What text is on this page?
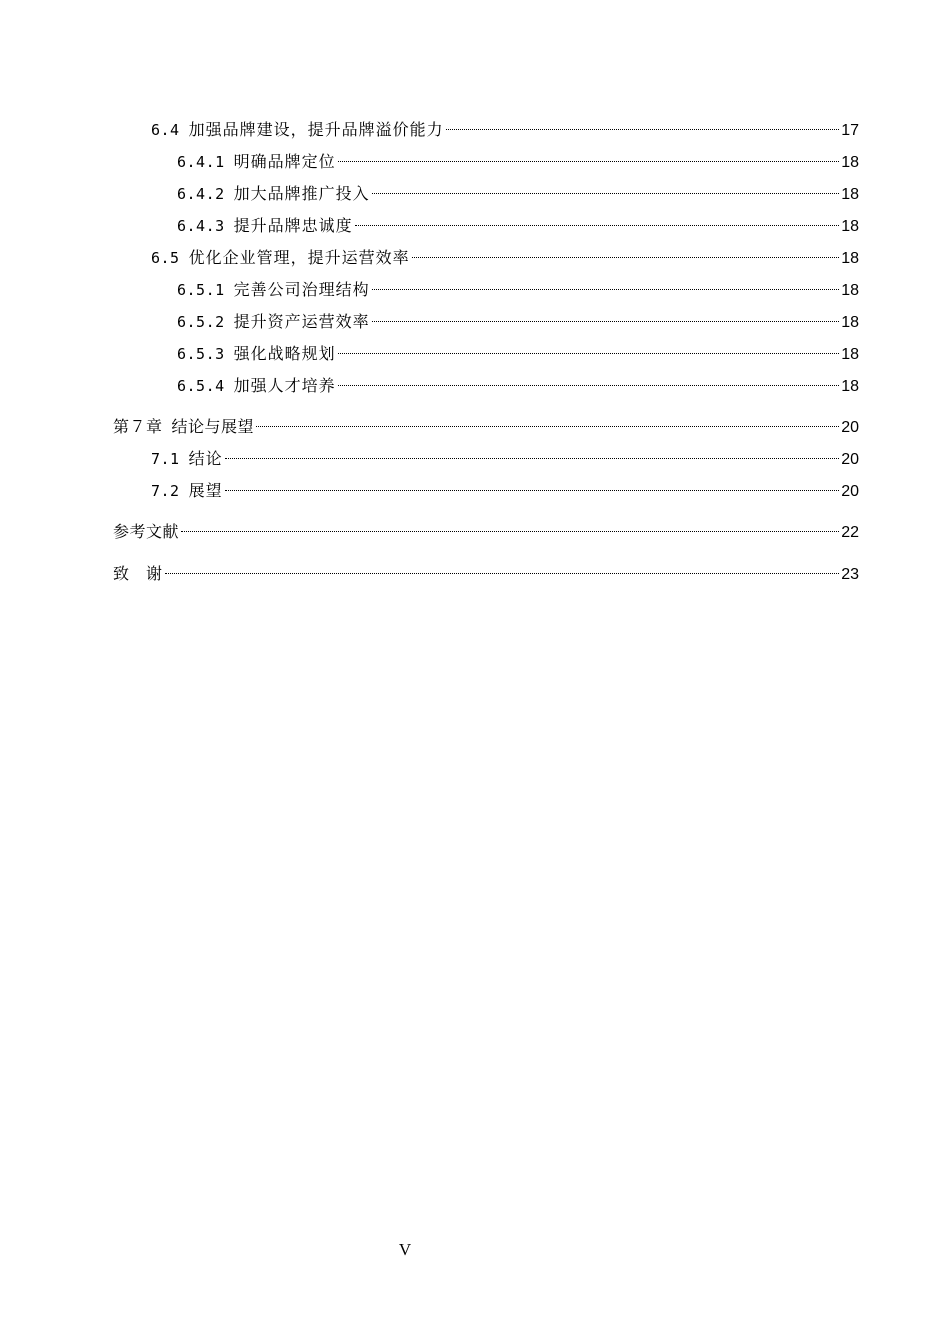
6.4 加强品牌建设，提升品牌溢价能力	17
6.4.1 明确品牌定位	18
6.4.2 加大品牌推广投入	18
6.4.3 提升品牌忠诚度	18
6.5 优化企业管理，提升运营效率	18
6.5.1 完善公司治理结构	18
6.5.2 提升资产运营效率	18
6.5.3 强化战略规划	18
6.5.4 加强人才培养	18
第７章 结论与展望	20
7.1 结论	20
7.2 展望	20
参考文献	22
致　谢	23
V
